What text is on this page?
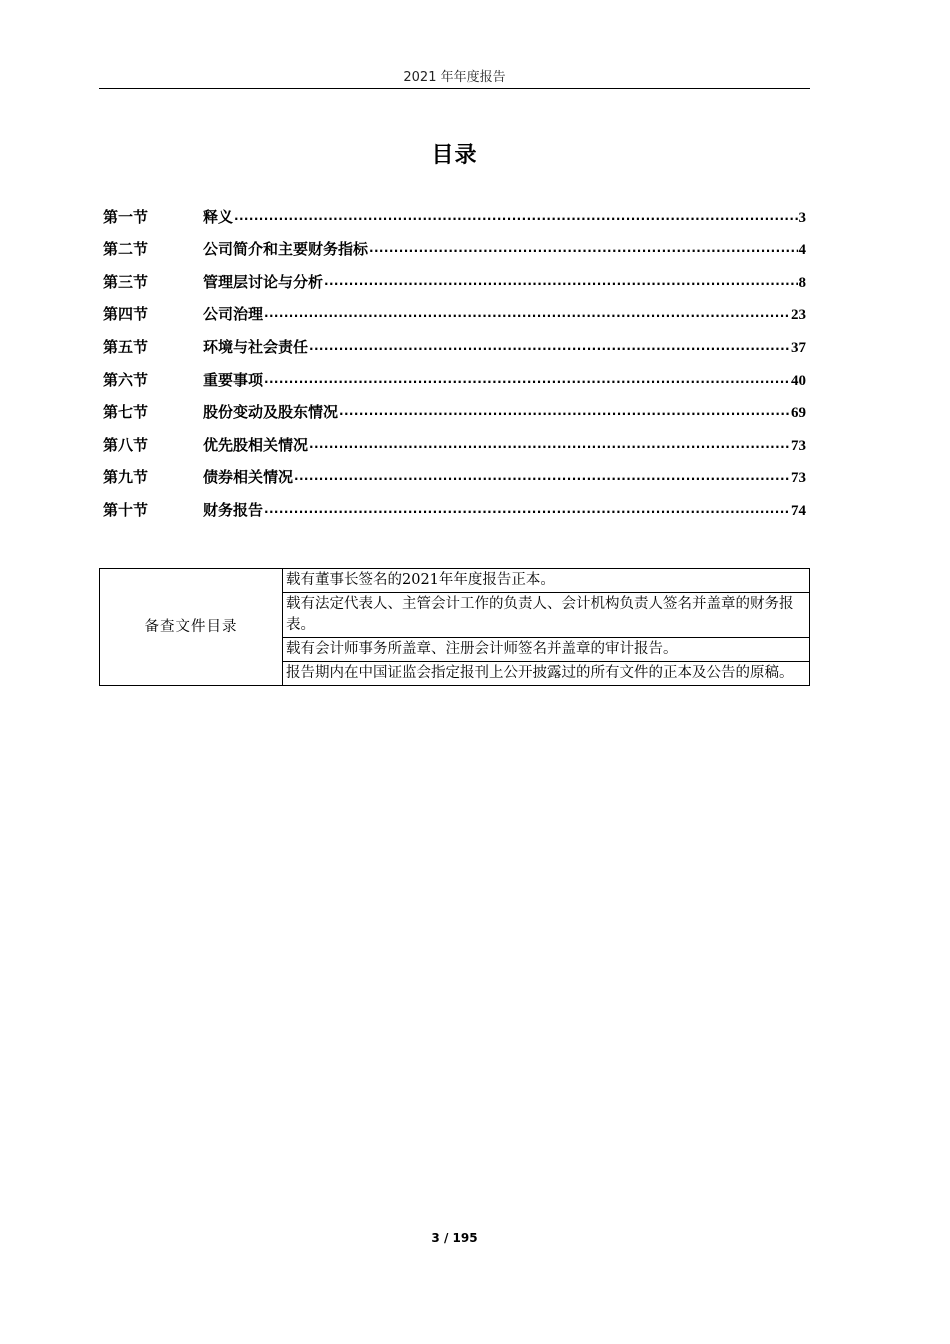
2021 年年度报告
目录
第一节	释义 .....	3
第二节	公司简介和主要财务指标 .....	4
第三节	管理层讨论与分析 .....	8
第四节	公司治理 .....	23
第五节	环境与社会责任 .....	37
第六节	重要事项 .....	40
第七节	股份变动及股东情况 .....	69
第八节	优先股相关情况 .....	73
第九节	债券相关情况 .....	73
第十节	财务报告 .....	74
备查文件目录	载有董事长签名的2021年年度报告正本。
载有法定代表人、主管会计工作的负责人、会计机构负责人签名并盖章的财务报表。
载有会计师事务所盖章、注册会计师签名并盖章的审计报告。
报告期内在中国证监会指定报刊上公开披露过的所有文件的正本及公告的原稿。
3 / 195
